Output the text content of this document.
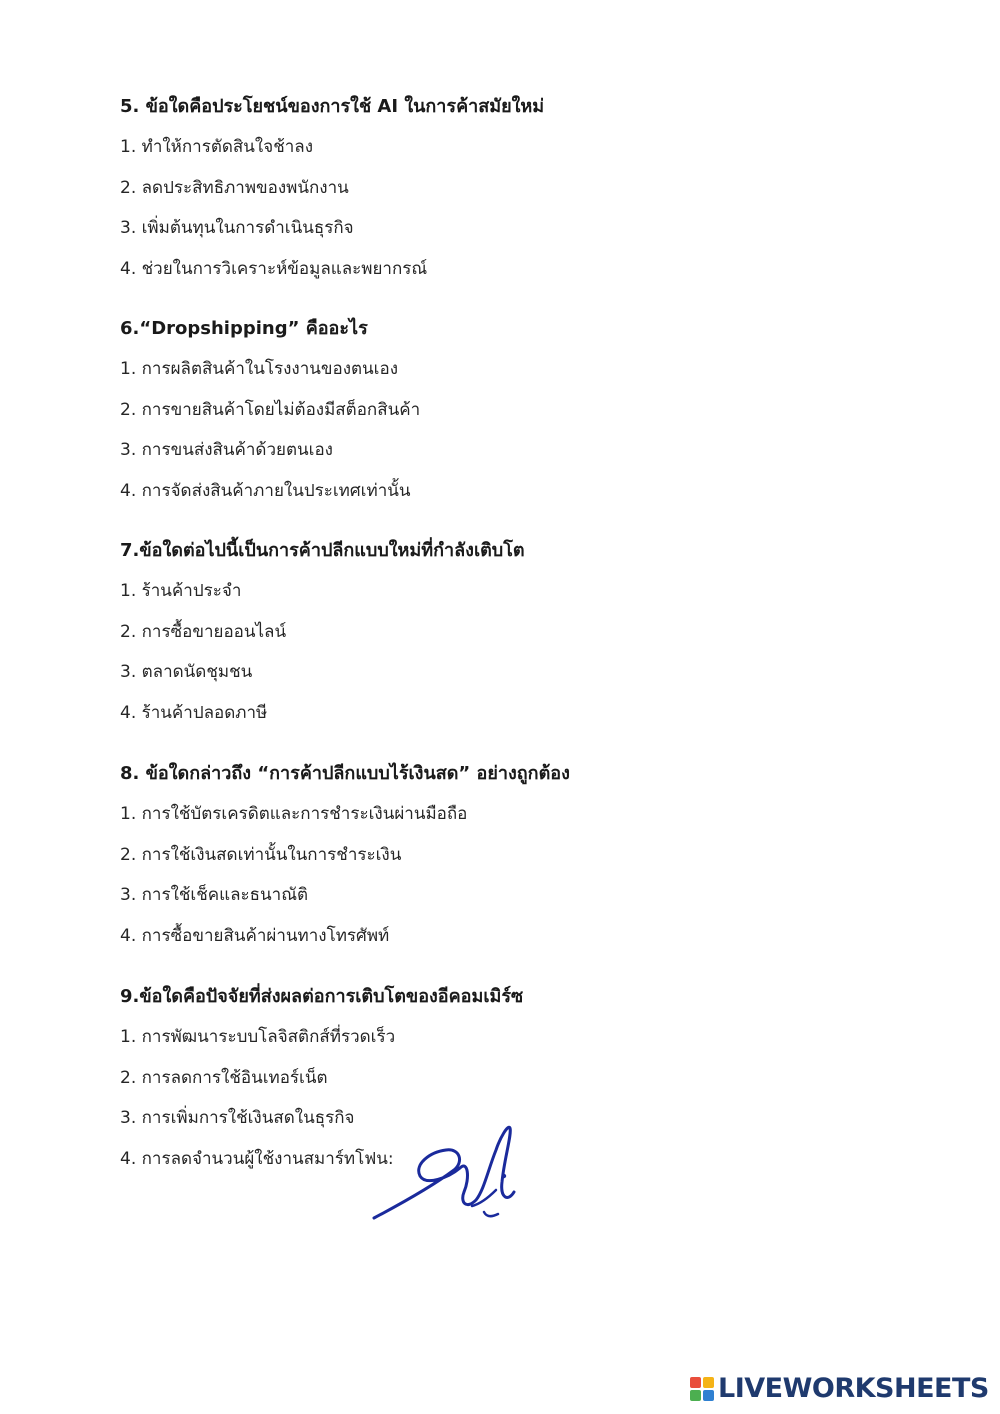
5. ข้อใดคือประโยชน์ของการใช้ AI ในการค้าสมัยใหม่
1. ทำให้การตัดสินใจช้าลง
2. ลดประสิทธิภาพของพนักงาน
3. เพิ่มต้นทุนในการดำเนินธุรกิจ
4. ช่วยในการวิเคราะห์ข้อมูลและพยากรณ์
6.“Dropshipping” คืออะไร
1. การผลิตสินค้าในโรงงานของตนเอง
2. การขายสินค้าโดยไม่ต้องมีสต็อกสินค้า
3. การขนส่งสินค้าด้วยตนเอง
4. การจัดส่งสินค้าภายในประเทศเท่านั้น
7.ข้อใดต่อไปนี้เป็นการค้าปลีกแบบใหม่ที่กำลังเติบโต
1. ร้านค้าประจำ
2. การซื้อขายออนไลน์
3. ตลาดนัดชุมชน
4. ร้านค้าปลอดภาษี
8. ข้อใดกล่าวถึง “การค้าปลีกแบบไร้เงินสด” อย่างถูกต้อง
1. การใช้บัตรเครดิตและการชำระเงินผ่านมือถือ
2. การใช้เงินสดเท่านั้นในการชำระเงิน
3. การใช้เช็คและธนาณัติ
4. การซื้อขายสินค้าผ่านทางโทรศัพท์
9.ข้อใดคือปัจจัยที่ส่งผลต่อการเติบโตของอีคอมเมิร์ซ
1. การพัฒนาระบบโลจิสติกส์ที่รวดเร็ว
2. การลดการใช้อินเทอร์เน็ต
3. การเพิ่มการใช้เงินสดในธุรกิจ
4. การลดจำนวนผู้ใช้งานสมาร์ทโฟน:
LIVEWORKSHEETS
